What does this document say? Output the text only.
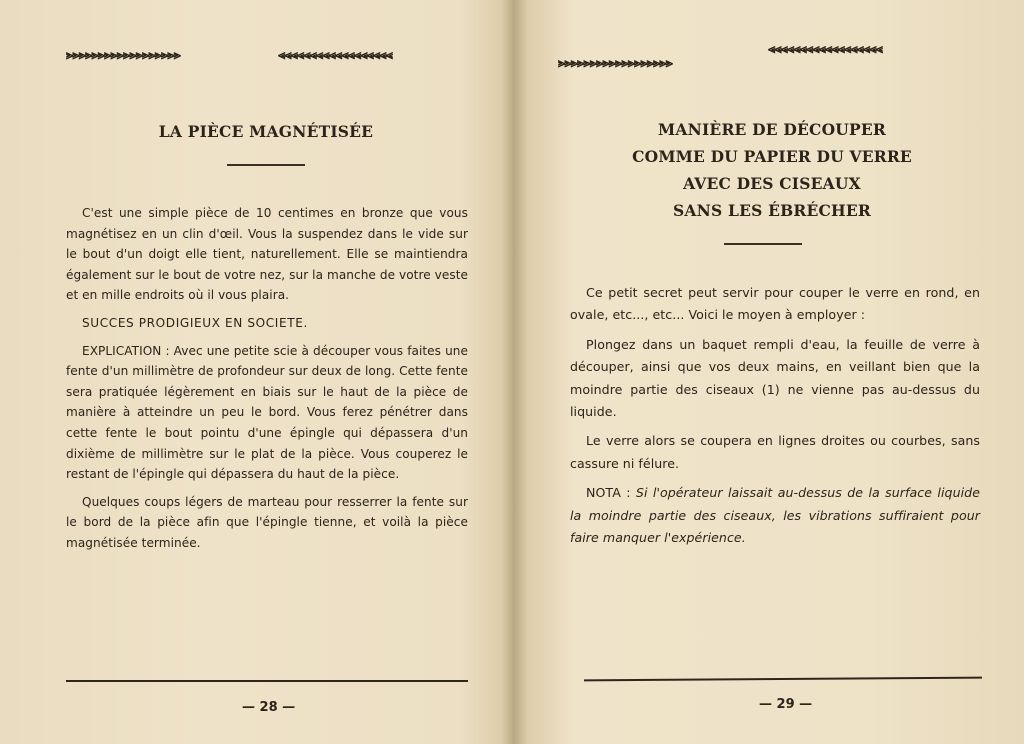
⪢⪢⪢⪢⪢⪢⪢⪢⪢⪢⪢⪢⪢⪢⪢⪢⪢⪢	⪡⪡⪡⪡⪡⪡⪡⪡⪡⪡⪡⪡⪡⪡⪡⪡⪡⪡
LA PIÈCE MAGNÉTISÉE

C'est une simple pièce de 10 centimes en bronze que vous magnétisez en un clin d'œil. Vous la suspendez dans le vide sur le bout d'un doigt elle tient, naturellement. Elle se maintiendra également sur le bout de votre nez, sur la manche de votre veste et en mille endroits où il vous plaira.

SUCCES PRODIGIEUX EN SOCIETE.

EXPLICATION : Avec une petite scie à découper vous faites une fente d'un millimètre de profondeur sur deux de long. Cette fente sera pratiquée légèrement en biais sur le haut de la pièce de manière à atteindre un peu le bord. Vous ferez pénétrer dans cette fente le bout pointu d'une épingle qui dépassera d'un dixième de millimètre sur le plat de la pièce. Vous couperez le restant de l'épingle qui dépassera du haut de la pièce.

Quelques coups légers de marteau pour resserrer la fente sur le bord de la pièce afin que l'épingle tienne, et voilà la pièce magnétisée terminée.

— 28 —
⪢⪢⪢⪢⪢⪢⪢⪢⪢⪢⪢⪢⪢⪢⪢⪢⪢⪢
⪡⪡⪡⪡⪡⪡⪡⪡⪡⪡⪡⪡⪡⪡⪡⪡⪡⪡
MANIÈRE DE DÉCOUPER
COMME DU PAPIER DU VERRE
AVEC DES CISEAUX
SANS LES ÉBRÉCHER

Ce petit secret peut servir pour couper le verre en rond, en ovale, etc..., etc... Voici le moyen à employer :

Plongez dans un baquet rempli d'eau, la feuille de verre à découper, ainsi que vos deux mains, en veillant bien que la moindre partie des ciseaux (1) ne vienne pas au-dessus du liquide.

Le verre alors se coupera en lignes droites ou courbes, sans cassure ni félure.

NOTA : Si l'opérateur laissait au-dessus de la surface liquide la moindre partie des ciseaux, les vibrations suffiraient pour faire manquer l'expérience.

— 29 —
